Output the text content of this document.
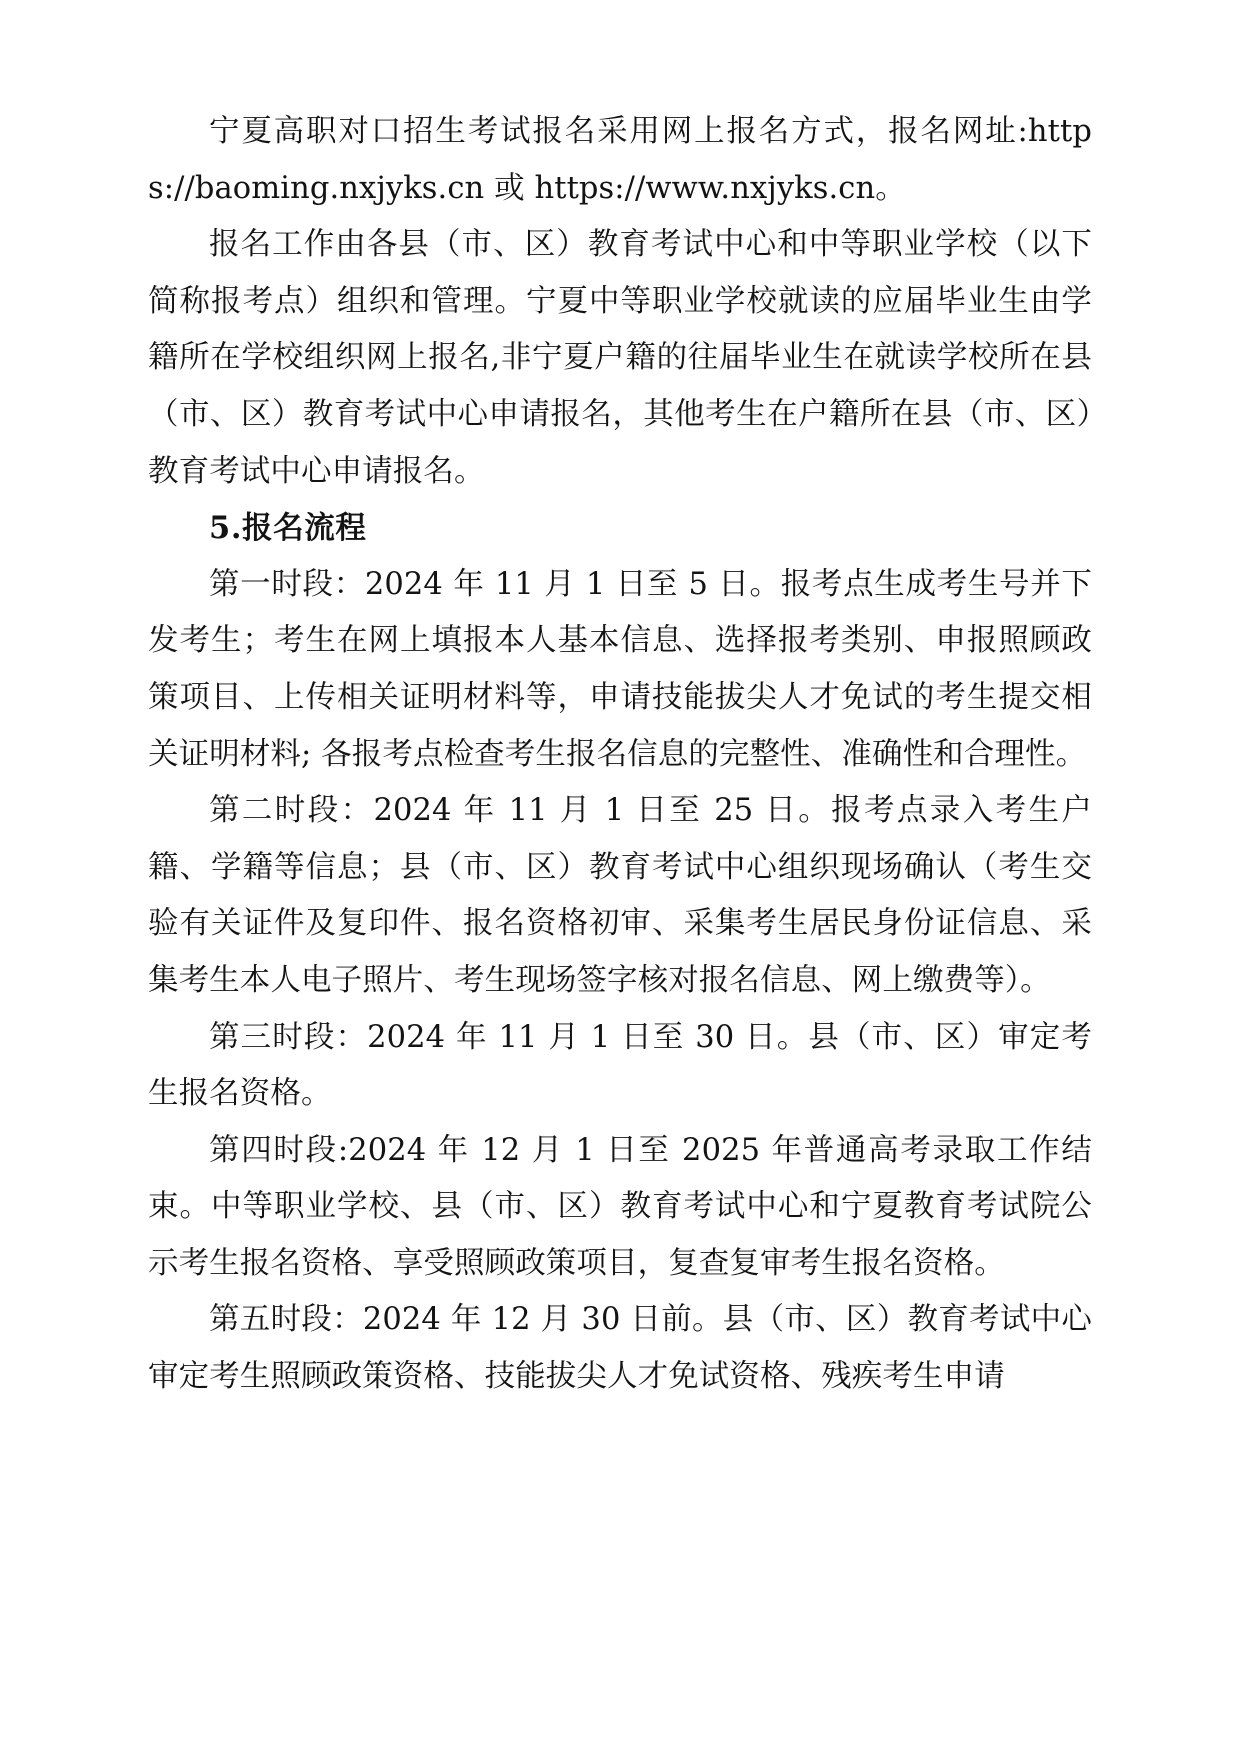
宁夏高职对口招生考试报名采用网上报名方式，报名网址:https://baoming.nxjyks.cn 或 https://www.nxjyks.cn。

报名工作由各县（市、区）教育考试中心和中等职业学校（以下简称报考点）组织和管理。宁夏中等职业学校就读的应届毕业生由学籍所在学校组织网上报名,非宁夏户籍的往届毕业生在就读学校所在县（市、区）教育考试中心申请报名，其他考生在户籍所在县（市、区）教育考试中心申请报名。

5.报名流程

第一时段：2024 年 11 月 1 日至 5 日。报考点生成考生号并下发考生；考生在网上填报本人基本信息、选择报考类别、申报照顾政策项目、上传相关证明材料等，申请技能拔尖人才免试的考生提交相关证明材料; 各报考点检查考生报名信息的完整性、准确性和合理性。

第二时段：2024 年 11 月 1 日至 25 日。报考点录入考生户籍、学籍等信息；县（市、区）教育考试中心组织现场确认（考生交验有关证件及复印件、报名资格初审、采集考生居民身份证信息、采集考生本人电子照片、考生现场签字核对报名信息、网上缴费等）。

第三时段：2024 年 11 月 1 日至 30 日。县（市、区）审定考生报名资格。

第四时段:2024 年 12 月 1 日至 2025 年普通高考录取工作结束。中等职业学校、县（市、区）教育考试中心和宁夏教育考试院公示考生报名资格、享受照顾政策项目，复查复审考生报名资格。

第五时段：2024 年 12 月 30 日前。县（市、区）教育考试中心审定考生照顾政策资格、技能拔尖人才免试资格、残疾考生申请
